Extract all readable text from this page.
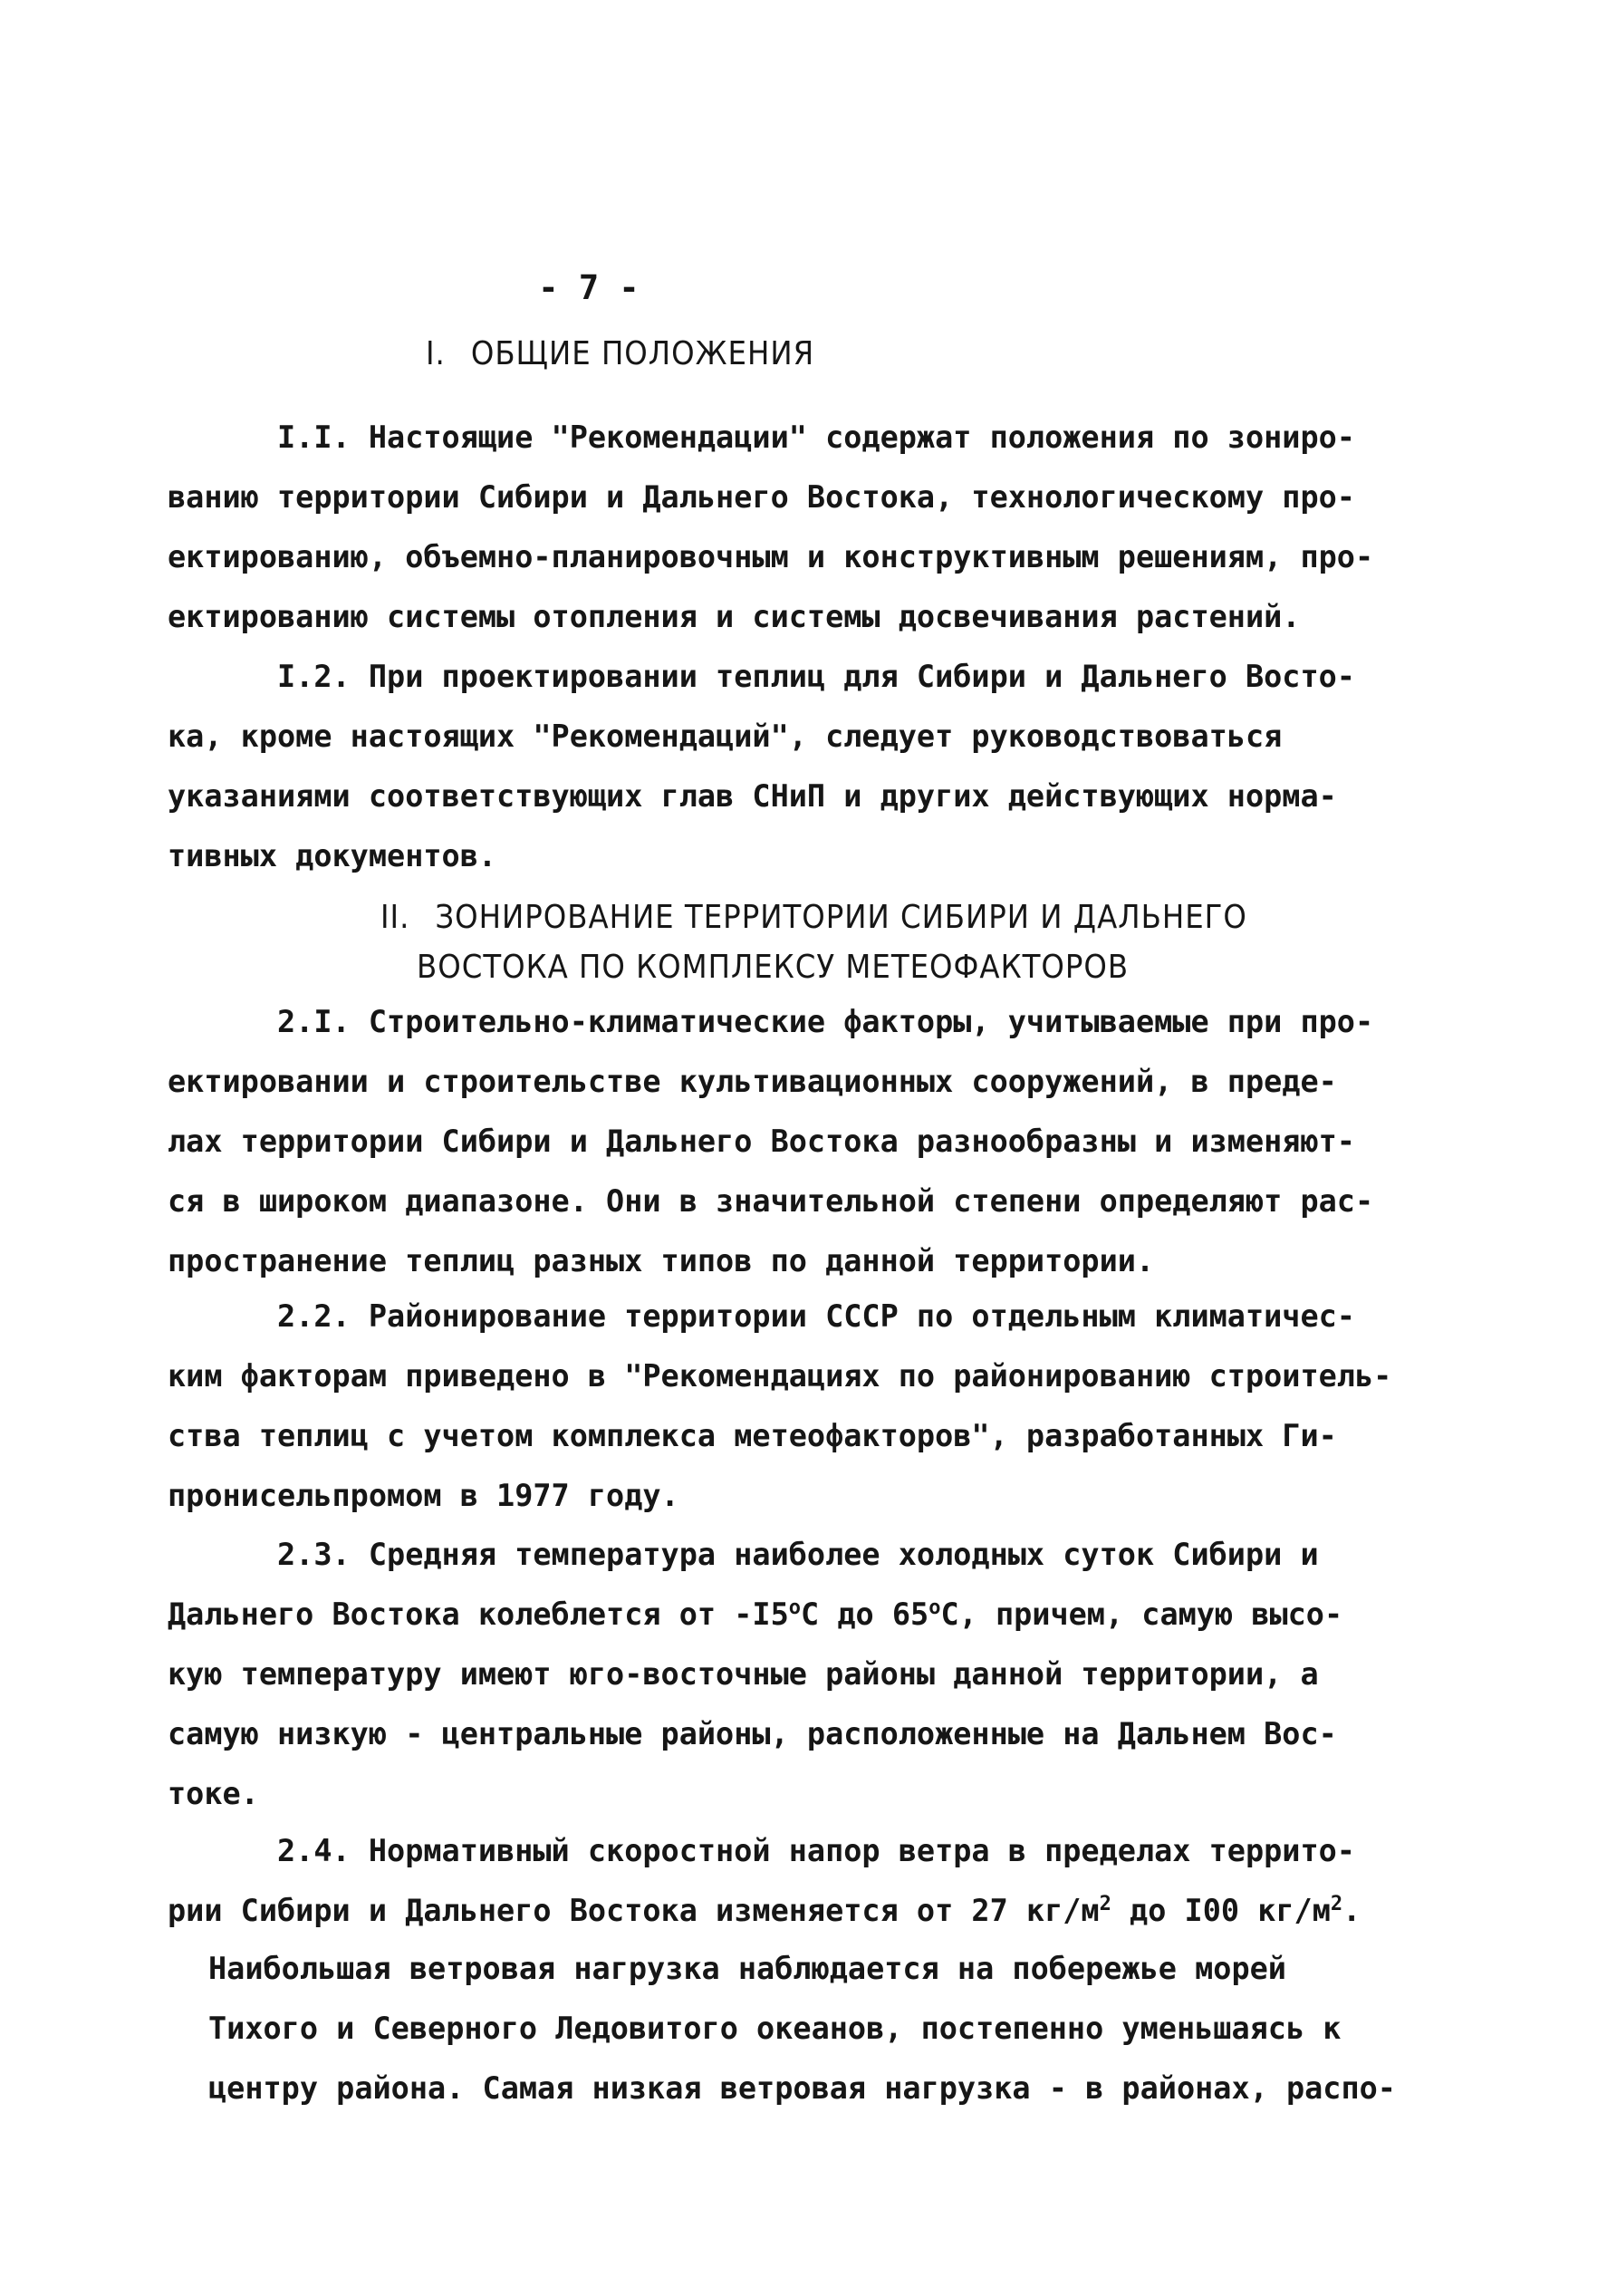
- 7 -
I. ОБЩИЕ ПОЛОЖЕНИЯ
I.I. Настоящие "Рекомендации" содержат положения по зониро-
ванию территории Сибири и Дальнего Востока, технологическому про-
ектированию, объемно-планировочным и конструктивным решениям, про-
ектированию системы отопления и системы досвечивания растений.
I.2. При проектировании теплиц для Сибири и Дальнего Восто-
ка, кроме настоящих "Рекомендаций", следует руководствоваться
указаниями соответствующих глав СНиП и других действующих норма-
тивных документов.
II. ЗОНИРОВАНИЕ ТЕРРИТОРИИ СИБИРИ И ДАЛЬНЕГО
ВОСТОКА ПО КОМПЛЕКСУ МЕТЕОФАКТОРОВ
2.I. Строительно-климатические факторы, учитываемые при про-
ектировании и строительстве культивационных сооружений, в преде-
лах территории Сибири и Дальнего Востока разнообразны и изменяют-
ся в широком диапазоне. Они в значительной степени определяют рас-
пространение теплиц разных типов по данной территории.
2.2. Районирование территории СССР по отдельным климатичес-
ким факторам приведено в "Рекомендациях по районированию строитель-
ства теплиц с учетом комплекса метеофакторов", разработанных Ги-
пронисельпромом в 1977 году.
2.3. Средняя температура наиболее холодных суток Сибири и
Дальнего Востока колеблется от -I5$^o$С до 65$^o$С, причем, самую высо-
кую температуру имеют юго-восточные районы данной территории, а
самую низкую - центральные районы, расположенные на Дальнем Вос-
токе.
2.4. Нормативный скоростной напор ветра в пределах террито-
рии Сибири и Дальнего Востока изменяется от 27 $кг/м^2$ до I00 $кг/м^2$.
Наибольшая ветровая нагрузка наблюдается на побережье морей
Тихого и Северного Ледовитого океанов, постепенно уменьшаясь к
центру района. Самая низкая ветровая нагрузка - в районах, распо-
